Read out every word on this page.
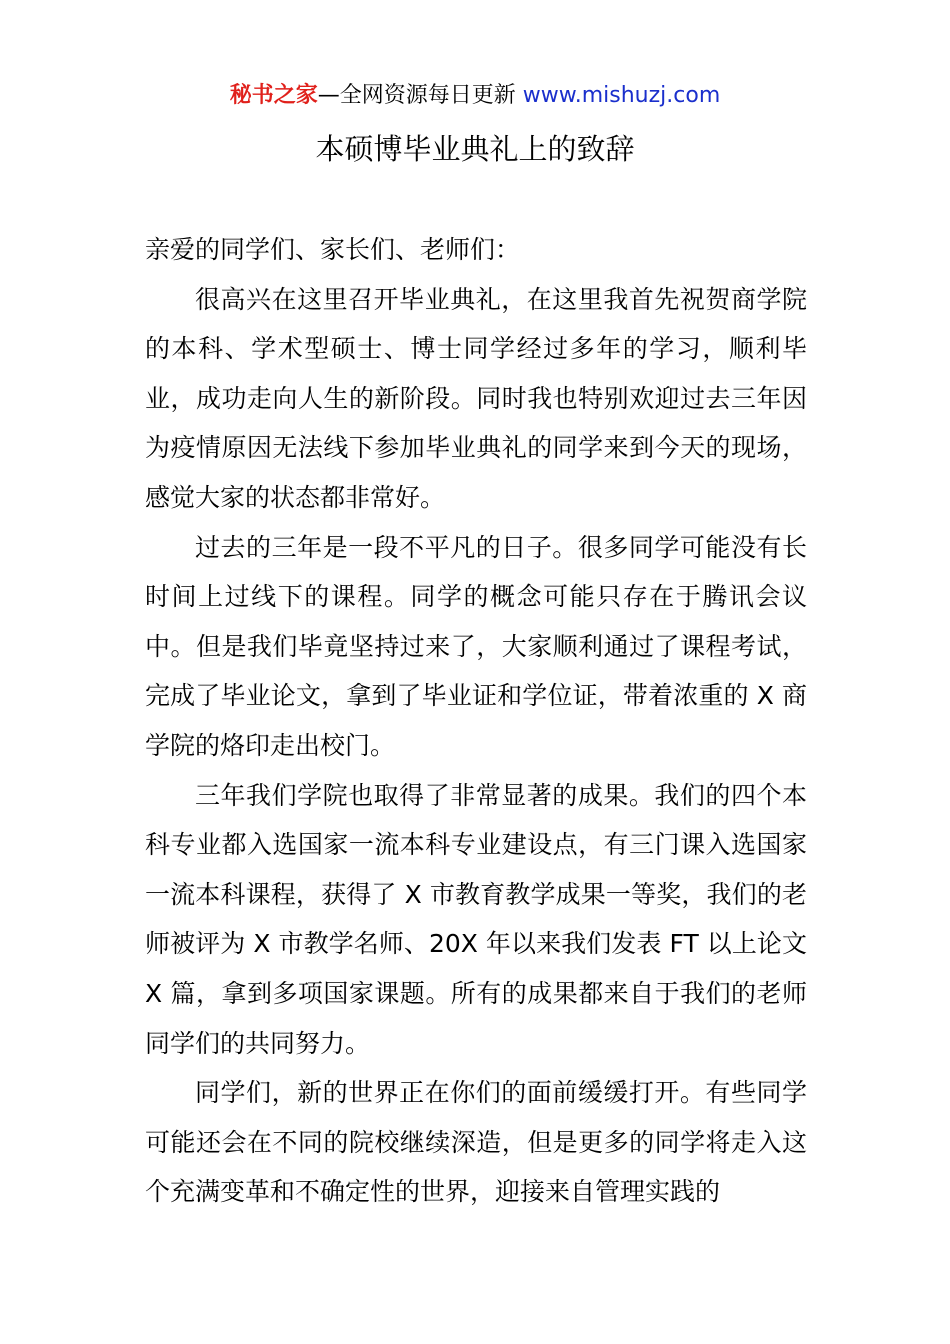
秘书之家—全网资源每日更新 www.mishuzj.com
本硕博毕业典礼上的致辞

亲爱的同学们、家长们、老师们：

很高兴在这里召开毕业典礼，在这里我首先祝贺商学院的本科、学术型硕士、博士同学经过多年的学习，顺利毕业，成功走向人生的新阶段。同时我也特别欢迎过去三年因为疫情原因无法线下参加毕业典礼的同学来到今天的现场，感觉大家的状态都非常好。

过去的三年是一段不平凡的日子。很多同学可能没有长时间上过线下的课程。同学的概念可能只存在于腾讯会议中。但是我们毕竟坚持过来了，大家顺利通过了课程考试，完成了毕业论文，拿到了毕业证和学位证，带着浓重的 X 商学院的烙印走出校门。

三年我们学院也取得了非常显著的成果。我们的四个本科专业都入选国家一流本科专业建设点，有三门课入选国家一流本科课程，获得了 X 市教育教学成果一等奖，我们的老师被评为 X 市教学名师、20X 年以来我们发表 FT 以上论文 X 篇，拿到多项国家课题。所有的成果都来自于我们的老师同学们的共同努力。

同学们，新的世界正在你们的面前缓缓打开。有些同学可能还会在不同的院校继续深造，但是更多的同学将走入这个充满变革和不确定性的世界，迎接来自管理实践的
